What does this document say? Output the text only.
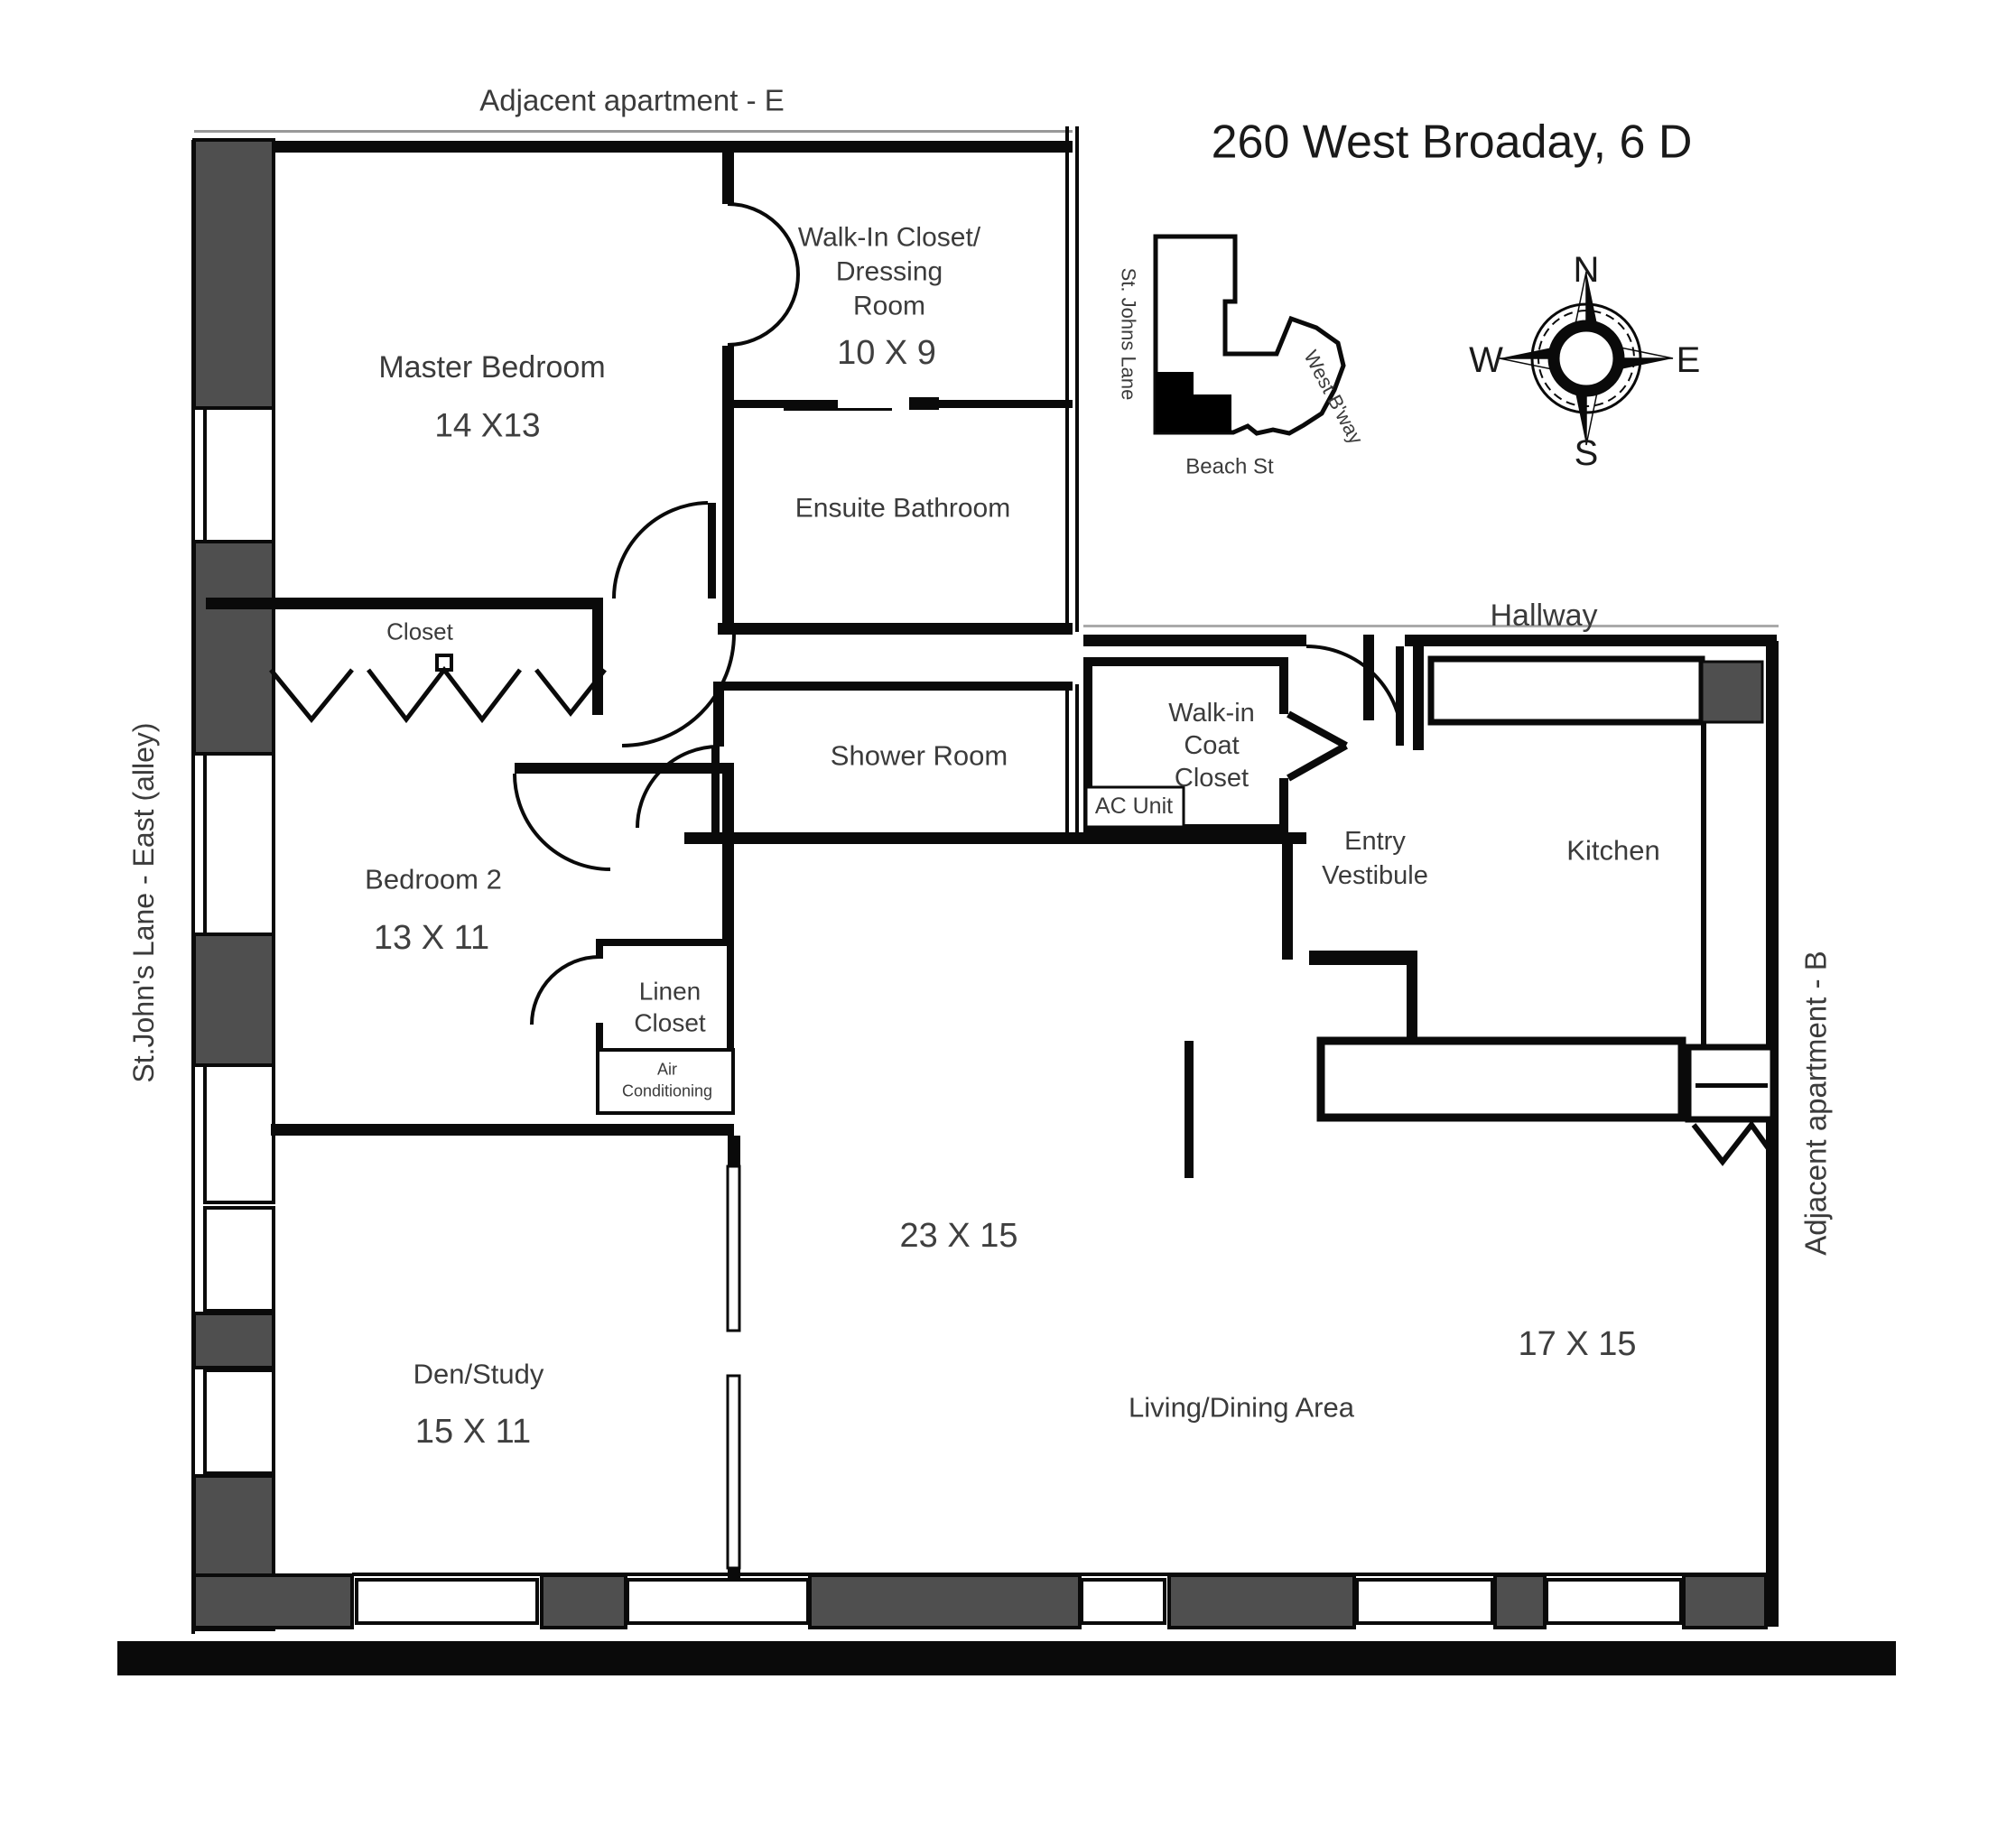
260 West Broaday, 6 D
Adjacent apartment - E
St.John's Lane - East (alley)
Adjacent apartment - B
Hallway
Master Bedroom
14 X13
Walk-In Closet/
Dressing
Room
10 X 9
Ensuite Bathroom
Closet
Bedroom 2
13 X 11
Shower Room
Walk-in
Coat
Closet
AC Unit
Entry
Vestibule
Kitchen
Linen
Closet
Air
Conditioning
Den/Study
15 X 11
23 X 15
Living/Dining Area
17 X 15
St. Johns Lane	West B'way
Beach St
N
E
S
W
